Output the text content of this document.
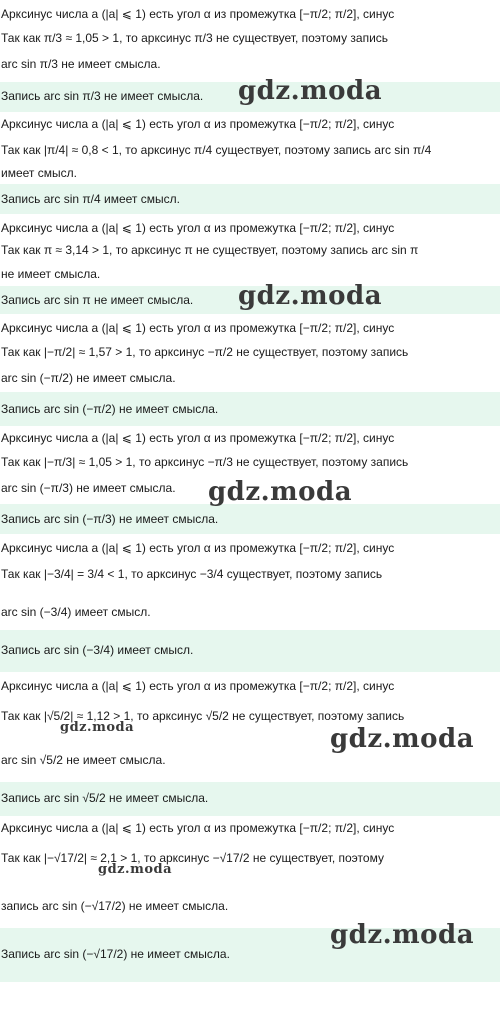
Арксинус числа a (|a| ⩽ 1) есть угол α из промежутка [−π/2; π/2], синус
Так как π/3 ≈ 1,05 > 1, то арксинус π/3 не существует, поэтому запись
arc sin π/3 не имеет смысла.
Запись arc sin π/3 не имеет смысла.
Арксинус числа a (|a| ⩽ 1) есть угол α из промежутка [−π/2; π/2], синус
Так как |π/4| ≈ 0,8 < 1, то арксинус π/4 существует, поэтому запись arc sin π/4
имеет смысл.
Запись arc sin π/4 имеет смысл.
Арксинус числа a (|a| ⩽ 1) есть угол α из промежутка [−π/2; π/2], синус
Так как π ≈ 3,14 > 1, то арксинус π не существует, поэтому запись arc sin π
не имеет смысла.
Запись arc sin π не имеет смысла.
Арксинус числа a (|a| ⩽ 1) есть угол α из промежутка [−π/2; π/2], синус
Так как |−π/2| ≈ 1,57 > 1, то арксинус −π/2 не существует, поэтому запись
arc sin (−π/2) не имеет смысла.
Запись arc sin (−π/2) не имеет смысла.
Арксинус числа a (|a| ⩽ 1) есть угол α из промежутка [−π/2; π/2], синус
Так как |−π/3| ≈ 1,05 > 1, то арксинус −π/3 не существует, поэтому запись
arc sin (−π/3) не имеет смысла.
Запись arc sin (−π/3) не имеет смысла.
Арксинус числа a (|a| ⩽ 1) есть угол α из промежутка [−π/2; π/2], синус
Так как |−3/4| = 3/4 < 1, то арксинус −3/4 существует, поэтому запись
arc sin (−3/4) имеет смысл.
Запись arc sin (−3/4) имеет смысл.
Арксинус числа a (|a| ⩽ 1) есть угол α из промежутка [−π/2; π/2], синус
Так как |√5/2| ≈ 1,12 > 1, то арксинус √5/2 не существует, поэтому запись
arc sin √5/2 не имеет смысла.
Запись arc sin √5/2 не имеет смысла.
Арксинус числа a (|a| ⩽ 1) есть угол α из промежутка [−π/2; π/2], синус
Так как |−√17/2| ≈ 2,1 > 1, то арксинус −√17/2 не существует, поэтому
запись arc sin (−√17/2) не имеет смысла.
Запись arc sin (−√17/2) не имеет смысла.
gdz.moda
gdz.moda
gdz.moda
gdz.moda	gdz.moda
gdz.moda
gdz.moda
